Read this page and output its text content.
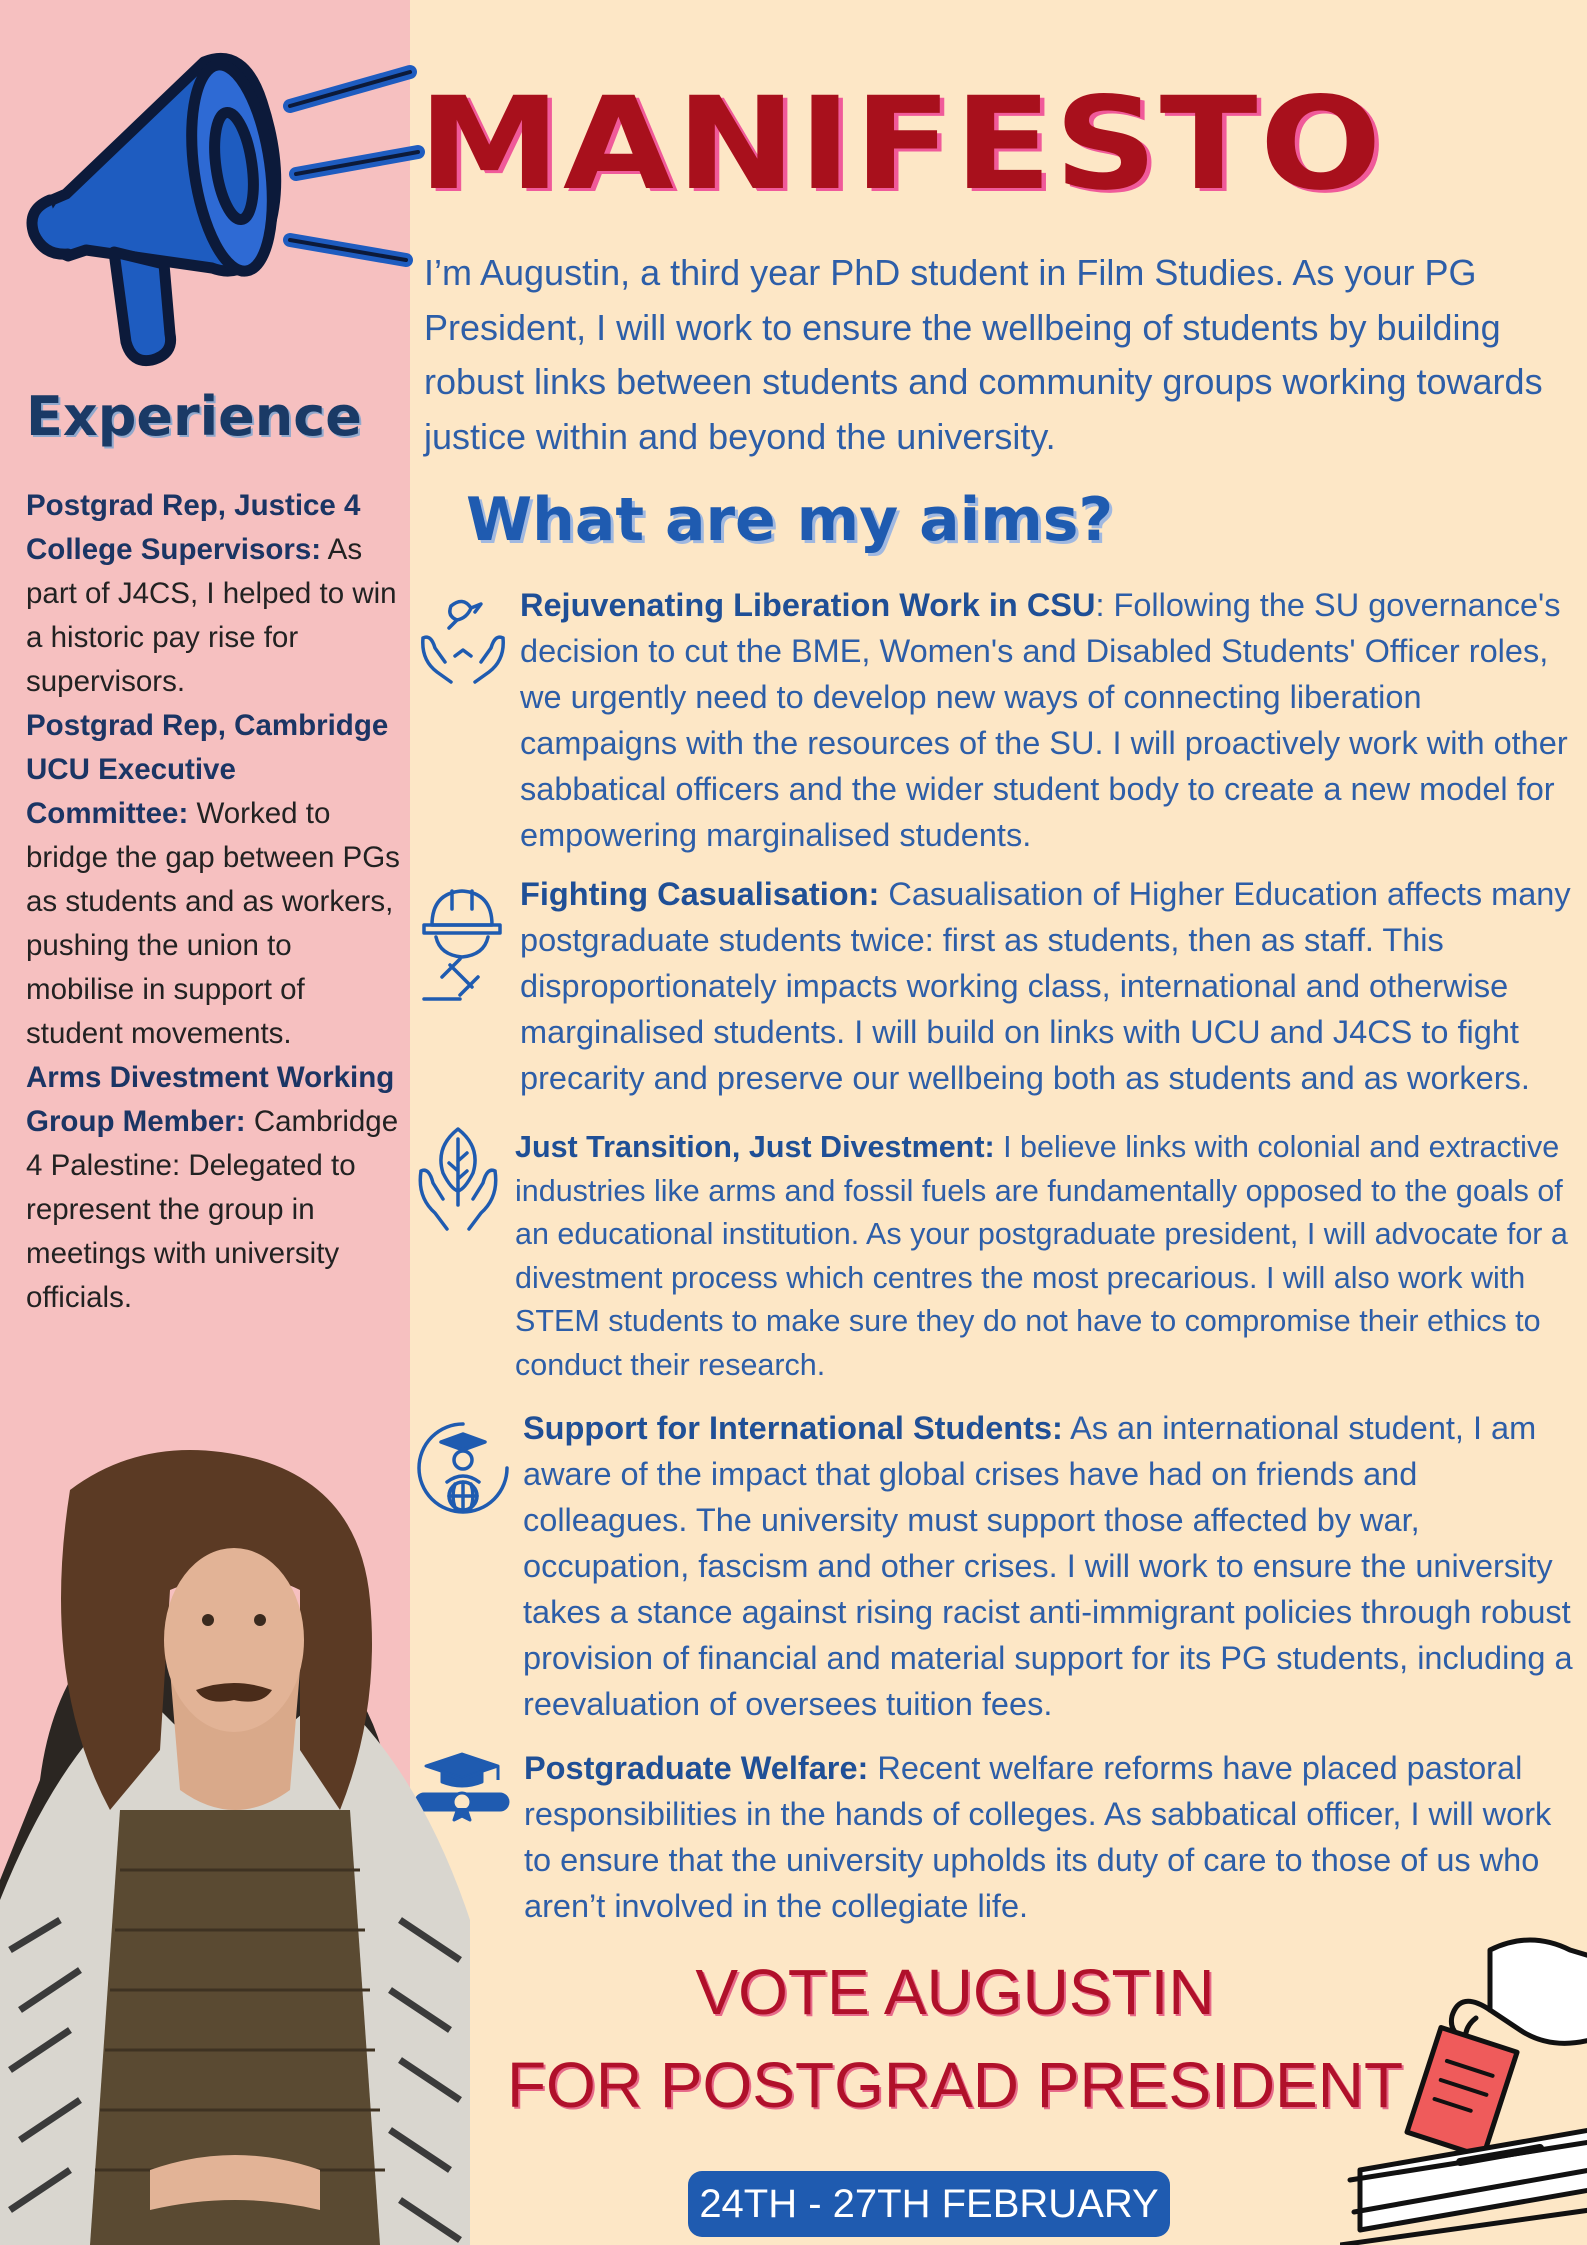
MANIFESTO

I’m Augustin, a third year PhD student in Film Studies. As your PG President, I will work to ensure the wellbeing of students by building robust links between students and community groups working towards justice within and beyond the university.

Experience
Postgrad Rep, Justice 4 College Supervisors: As part of J4CS, I helped to win a historic pay rise for supervisors.
Postgrad Rep, Cambridge UCU Executive Committee: Worked to bridge the gap between PGs as students and as workers, pushing the union to mobilise in support of student movements.
Arms Divestment Working Group Member: Cambridge 4 Palestine: Delegated to represent the group in meetings with university officials.
What are my aims?

Rejuvenating Liberation Work in CSU: Following the SU governance's decision to cut the BME, Women's and Disabled Students' Officer roles, we urgently need to develop new ways of connecting liberation campaigns with the resources of the SU. I will proactively work with other sabbatical officers and the wider student body to create a new model for empowering marginalised students.

Fighting Casualisation: Casualisation of Higher Education affects many postgraduate students twice: first as students, then as staff. This disproportionately impacts working class, international and otherwise marginalised students. I will build on links with UCU and J4CS to fight precarity and preserve our wellbeing both as students and as workers.

Just Transition, Just Divestment: I believe links with colonial and extractive industries like arms and fossil fuels are fundamentally opposed to the goals of an educational institution. As your postgraduate president, I will advocate for a divestment process which centres the most precarious. I will also work with STEM students to make sure they do not have to compromise their ethics to conduct their research.

Support for International Students: As an international student, I am aware of the impact that global crises have had on friends and colleagues. The university must support those affected by war, occupation, fascism and other crises. I will work to ensure the university takes a stance against rising racist anti-immigrant policies through robust provision of financial and material support for its PG students, including a reevaluation of oversees tuition fees.

Postgraduate Welfare: Recent welfare reforms have placed pastoral responsibilities in the hands of colleges. As sabbatical officer, I will work to ensure that the university upholds its duty of care to those of us who aren’t involved in the collegiate life.

VOTE AUGUSTIN

FOR POSTGRAD PRESIDENT

24TH - 27TH FEBRUARY
